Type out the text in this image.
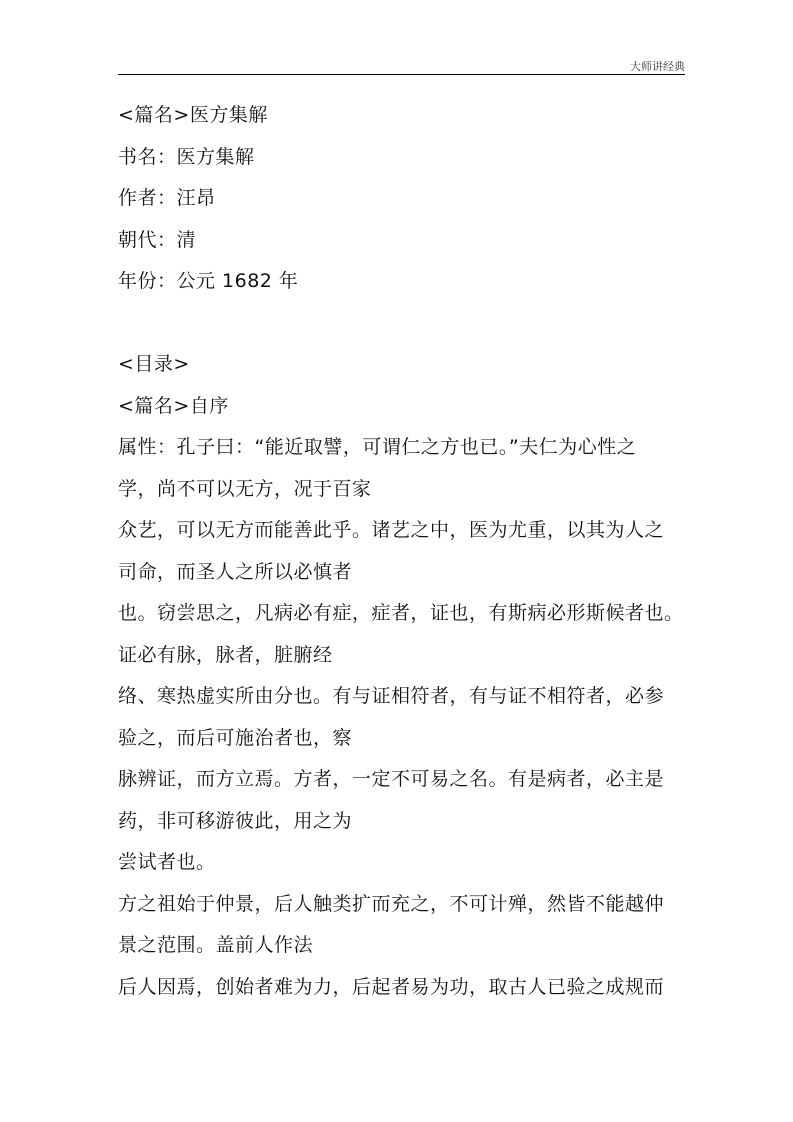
大师讲经典
<篇名>医方集解
书名：医方集解
作者：汪昂
朝代：清
年份：公元 1682 年
<目录>
<篇名>自序
属性：孔子曰：“能近取譬，可谓仁之方也已。”夫仁为心性之
学，尚不可以无方，况于百家
众艺，可以无方而能善此乎。诸艺之中，医为尤重，以其为人之
司命，而圣人之所以必慎者
也。窃尝思之，凡病必有症，症者，证也，有斯病必形斯候者也。
证必有脉，脉者，脏腑经
络、寒热虚实所由分也。有与证相符者，有与证不相符者，必参
验之，而后可施治者也，察
脉辨证，而方立焉。方者，一定不可易之名。有是病者，必主是
药，非可移游彼此，用之为
尝试者也。
方之祖始于仲景，后人触类扩而充之，不可计殚，然皆不能越仲
景之范围。盖前人作法
后人因焉，创始者难为力，后起者易为功，取古人已验之成规而
